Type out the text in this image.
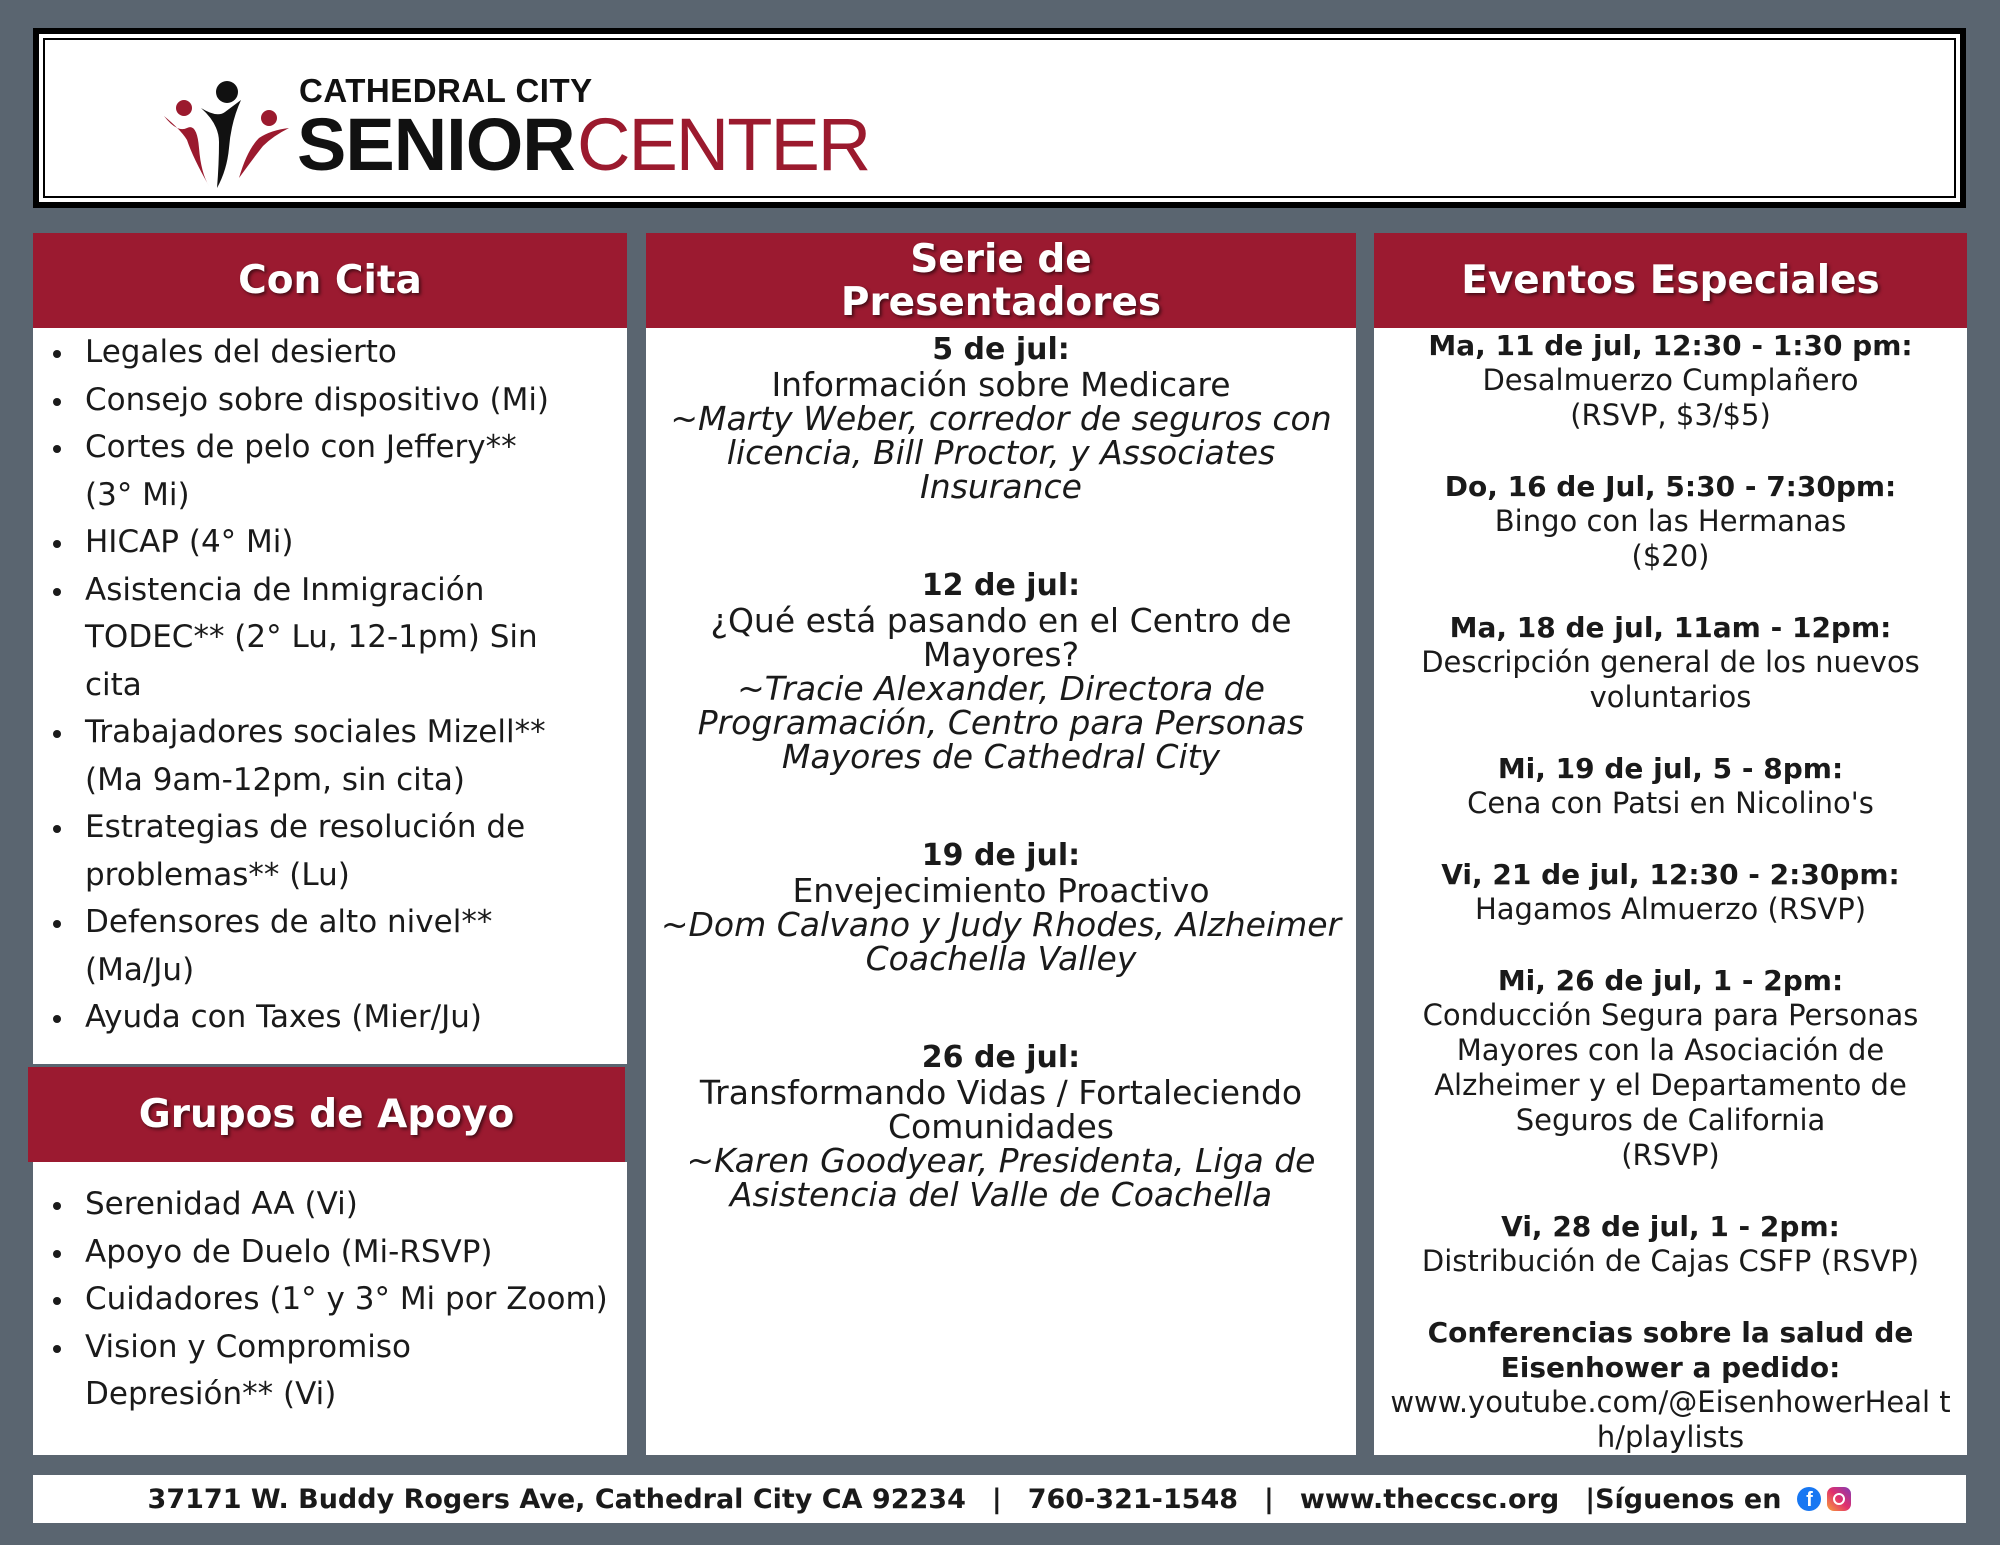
CATHEDRAL CITY
SENIOR CENTER
Con Cita
Legales del desierto
Consejo sobre dispositivo (Mi)
Cortes de pelo con Jeffery**
(3° Mi)
HICAP (4° Mi)
Asistencia de Inmigración
TODEC** (2° Lu, 12-1pm) Sin
cita
Trabajadores sociales Mizell**
(Ma 9am-12pm, sin cita)
Estrategias de resolución de
problemas** (Lu)
Defensores de alto nivel**
(Ma/Ju)
Ayuda con Taxes (Mier/Ju)
Grupos de Apoyo
Serenidad AA (Vi)
Apoyo de Duelo (Mi-RSVP)
Cuidadores (1° y 3° Mi por Zoom)
Vision y Compromiso
Depresión** (Vi)
Serie de
Presentadores
5 de jul:
Información sobre Medicare
~Marty Weber, corredor de seguros con licencia, Bill Proctor, y Associates Insurance
12 de jul:
¿Qué está pasando en el Centro de Mayores?
~Tracie Alexander, Directora de Programación, Centro para Personas Mayores de Cathedral City
19 de jul:
Envejecimiento Proactivo
~Dom Calvano y Judy Rhodes, Alzheimer Coachella Valley
26 de jul:
Transformando Vidas / Fortaleciendo Comunidades
~Karen Goodyear, Presidenta, Liga de Asistencia del Valle de Coachella
Eventos Especiales
Ma, 11 de jul, 12:30 - 1:30 pm:
Desalmuerzo Cumplañero
(RSVP, $3/$5)
Do, 16 de Jul, 5:30 - 7:30pm:
Bingo con las Hermanas
($20)
Ma, 18 de jul, 11am - 12pm:
Descripción general de los nuevos voluntarios
Mi, 19 de jul, 5 - 8pm:
Cena con Patsi en Nicolino's
Vi, 21 de jul, 12:30 - 2:30pm:
Hagamos Almuerzo (RSVP)
Mi, 26 de jul, 1 - 2pm:
Conducción Segura para Personas Mayores con la Asociación de Alzheimer y el Departamento de Seguros de California
(RSVP)
Vi, 28 de jul, 1 - 2pm:
Distribución de Cajas CSFP (RSVP)
Conferencias sobre la salud de Eisenhower a pedido:
www.youtube.com/@EisenhowerHeal th/playlists
37171 W. Buddy Rogers Ave, Cathedral City CA 92234 | 760-321-1548 | www.theccsc.org |Síguenos en	f
